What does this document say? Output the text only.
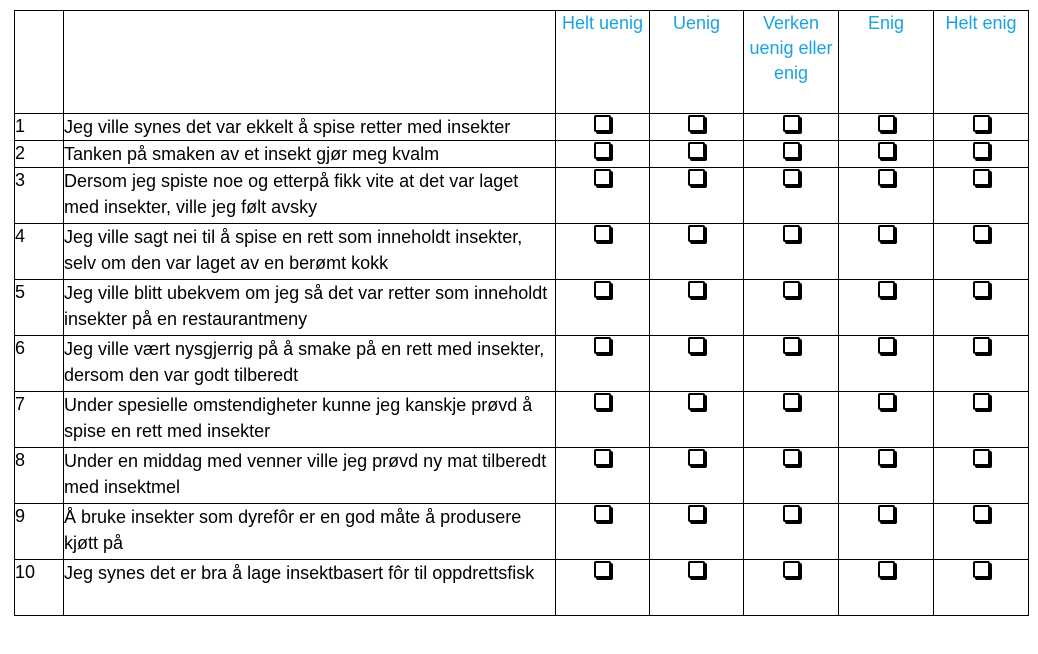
		Helt uenig	Uenig	Verken uenig eller enig	Enig	Helt enig
1	Jeg ville synes det var ekkelt å spise retter med insekter					
2	Tanken på smaken av et insekt gjør meg kvalm					
3	Dersom jeg spiste noe og etterpå fikk vite at det var laget med insekter, ville jeg følt avsky					
4	Jeg ville sagt nei til å spise en rett som inneholdt insekter, selv om den var laget av en berømt kokk					
5	Jeg ville blitt ubekvem om jeg så det var retter som inneholdt insekter på en restaurantmeny					
6	Jeg ville vært nysgjerrig på å smake på en rett med insekter, dersom den var godt tilberedt					
7	Under spesielle omstendigheter kunne jeg kanskje prøvd å spise en rett med insekter					
8	Under en middag med venner ville jeg prøvd ny mat tilberedt med insektmel					
9	Å bruke insekter som dyrefôr er en god måte å produsere kjøtt på					
10	Jeg synes det er bra å lage insektbasert fôr til oppdrettsfisk					
